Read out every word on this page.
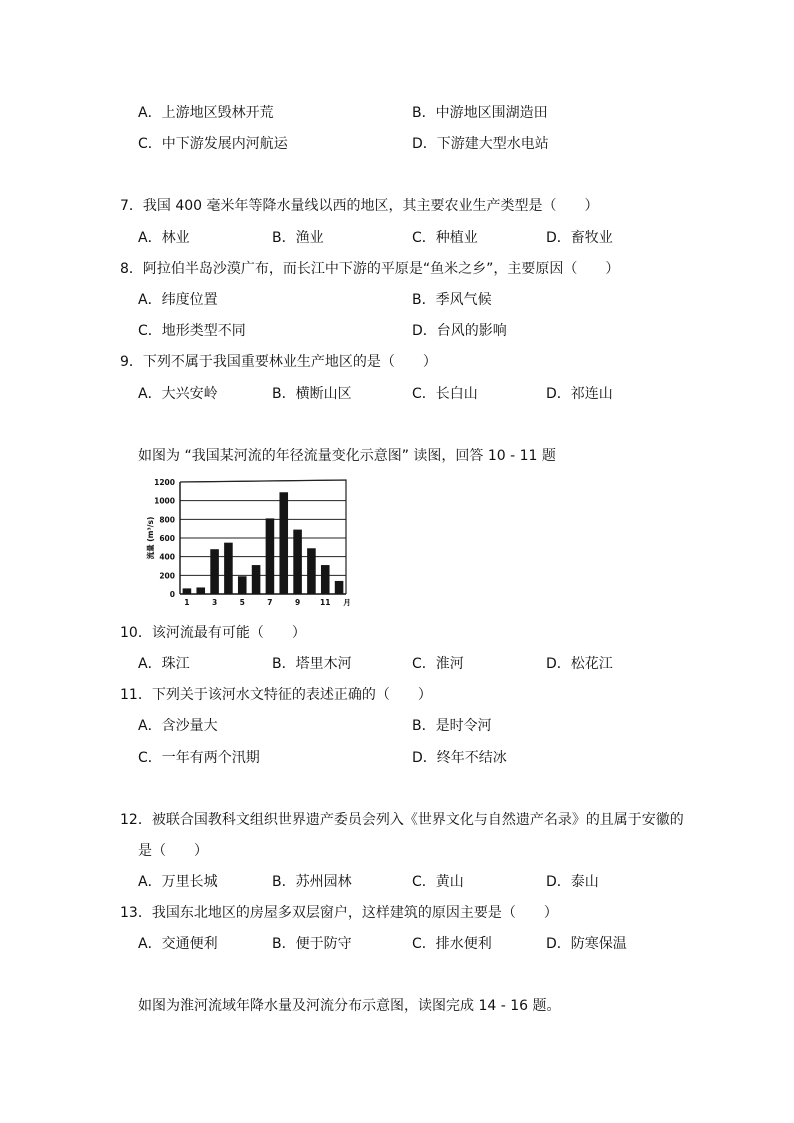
A．上游地区毁林开荒	B．中游地区围湖造田
C．中下游发展内河航运	D．下游建大型水电站
7．我国 400 毫米年等降水量线以西的地区，其主要农业生产类型是（　　）
A．林业	B．渔业	C．种植业	D．畜牧业
8．阿拉伯半岛沙漠广布，而长江中下游的平原是“鱼米之乡”，主要原因（　　）
A．纬度位置	B．季风气候
C．地形类型不同	D．台风的影响
9．下列不属于我国重要林业生产地区的是（　　）
A．大兴安岭	B．横断山区	C．长白山	D．祁连山
如图为 “我国某河流的年径流量变化示意图” 读图，回答 10 - 11 题
0
200
400
600
800
1000
1200
1	3	5	7	9	11 月
流量 (m³/s)
10．该河流最有可能（　　）
A．珠江	B．塔里木河	C．淮河	D．松花江
11．下列关于该河水文特征的表述正确的（　　）
A．含沙量大	B．是时令河
C．一年有两个汛期	D．终年不结冰
12．被联合国教科文组织世界遗产委员会列入《世界文化与自然遗产名录》的且属于安徽的
是（　　）
A．万里长城	B．苏州园林	C．黄山	D．泰山
13．我国东北地区的房屋多双层窗户，这样建筑的原因主要是（　　）
A．交通便利	B．便于防守	C．排水便利	D．防寒保温
如图为淮河流域年降水量及河流分布示意图，读图完成 14 - 16 题。
